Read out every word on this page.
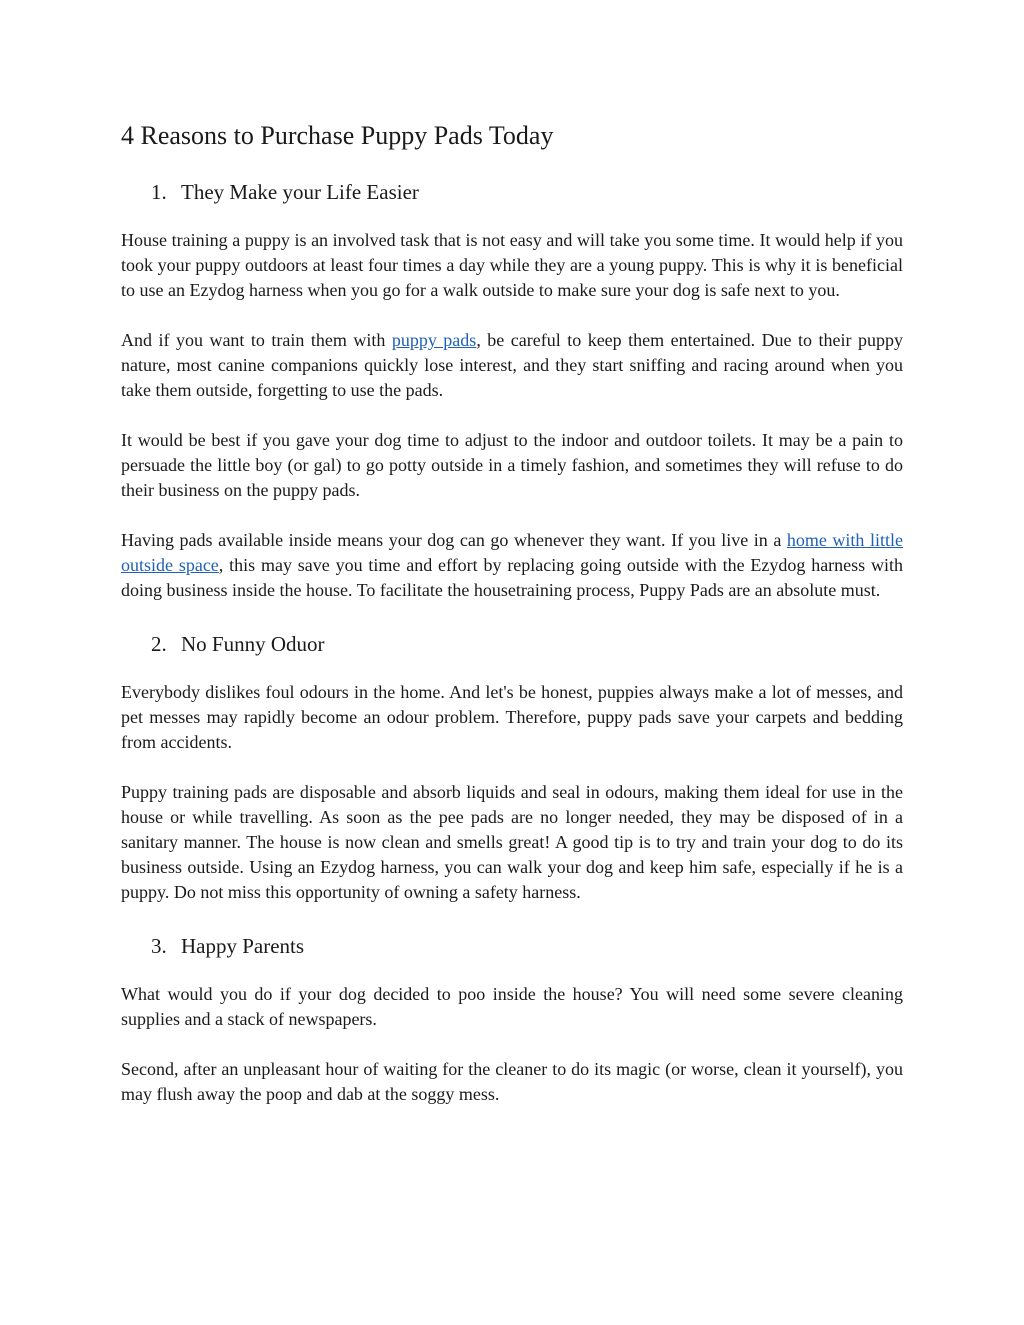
4 Reasons to Purchase Puppy Pads Today
1. They Make your Life Easier

House training a puppy is an involved task that is not easy and will take you some time. It would help if you took your puppy outdoors at least four times a day while they are a young puppy. This is why it is beneficial to use an Ezydog harness when you go for a walk outside to make sure your dog is safe next to you.

And if you want to train them with puppy pads, be careful to keep them entertained. Due to their puppy nature, most canine companions quickly lose interest, and they start sniffing and racing around when you take them outside, forgetting to use the pads.

It would be best if you gave your dog time to adjust to the indoor and outdoor toilets. It may be a pain to persuade the little boy (or gal) to go potty outside in a timely fashion, and sometimes they will refuse to do their business on the puppy pads.

Having pads available inside means your dog can go whenever they want. If you live in a home with little outside space, this may save you time and effort by replacing going outside with the Ezydog harness with doing business inside the house. To facilitate the housetraining process, Puppy Pads are an absolute must.

2. No Funny Oduor

Everybody dislikes foul odours in the home. And let's be honest, puppies always make a lot of messes, and pet messes may rapidly become an odour problem. Therefore, puppy pads save your carpets and bedding from accidents.

Puppy training pads are disposable and absorb liquids and seal in odours, making them ideal for use in the house or while travelling. As soon as the pee pads are no longer needed, they may be disposed of in a sanitary manner. The house is now clean and smells great! A good tip is to try and train your dog to do its business outside. Using an Ezydog harness, you can walk your dog and keep him safe, especially if he is a puppy. Do not miss this opportunity of owning a safety harness.

3. Happy Parents

What would you do if your dog decided to poo inside the house? You will need some severe cleaning supplies and a stack of newspapers.

Second, after an unpleasant hour of waiting for the cleaner to do its magic (or worse, clean it yourself), you may flush away the poop and dab at the soggy mess.
